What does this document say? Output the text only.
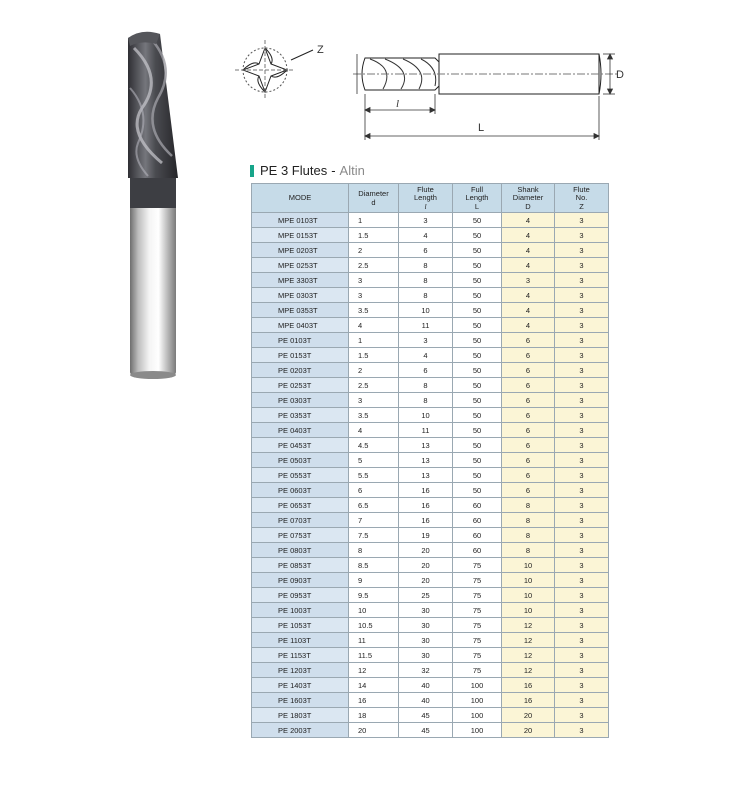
Z
D
l
L
PE 3 Flutes - Altin
MODE	Diameter
d	Flute
Length
l	Full
Length
L	Shank
Diameter
D	Flute
No.
Z

MPE 0103T	1	3	50	4	3
MPE 0153T	1.5	4	50	4	3
MPE 0203T	2	6	50	4	3
MPE 0253T	2.5	8	50	4	3
MPE 3303T	3	8	50	3	3
MPE 0303T	3	8	50	4	3
MPE 0353T	3.5	10	50	4	3
MPE 0403T	4	11	50	4	3
PE 0103T	1	3	50	6	3
PE 0153T	1.5	4	50	6	3
PE 0203T	2	6	50	6	3
PE 0253T	2.5	8	50	6	3
PE 0303T	3	8	50	6	3
PE 0353T	3.5	10	50	6	3
PE 0403T	4	11	50	6	3
PE 0453T	4.5	13	50	6	3
PE 0503T	5	13	50	6	3
PE 0553T	5.5	13	50	6	3
PE 0603T	6	16	50	6	3
PE 0653T	6.5	16	60	8	3
PE 0703T	7	16	60	8	3
PE 0753T	7.5	19	60	8	3
PE 0803T	8	20	60	8	3
PE 0853T	8.5	20	75	10	3
PE 0903T	9	20	75	10	3
PE 0953T	9.5	25	75	10	3
PE 1003T	10	30	75	10	3
PE 1053T	10.5	30	75	12	3
PE 1103T	11	30	75	12	3
PE 1153T	11.5	30	75	12	3
PE 1203T	12	32	75	12	3
PE 1403T	14	40	100	16	3
PE 1603T	16	40	100	16	3
PE 1803T	18	45	100	20	3
PE 2003T	20	45	100	20	3
